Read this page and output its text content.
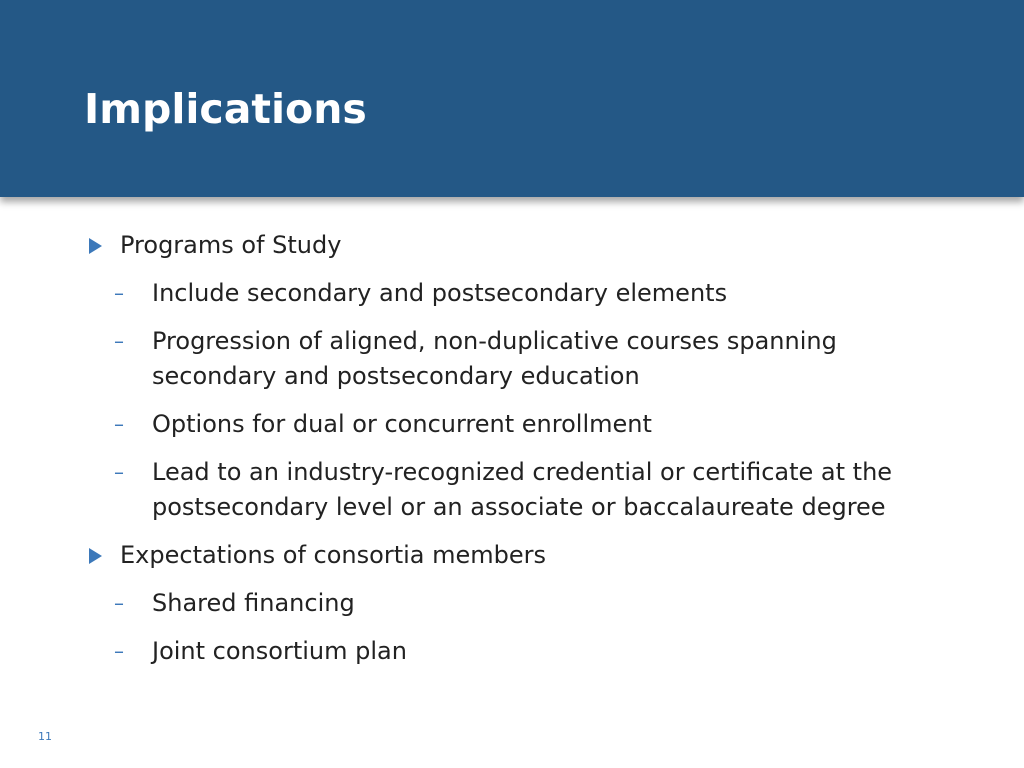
Implications
Programs of Study
– Include secondary and postsecondary elements
– Progression of aligned, non-duplicative courses spanning secondary and postsecondary education
– Options for dual or concurrent enrollment
– Lead to an industry-recognized credential or certificate at the postsecondary level or an associate or baccalaureate degree
Expectations of consortia members
– Shared financing
– Joint consortium plan
11
